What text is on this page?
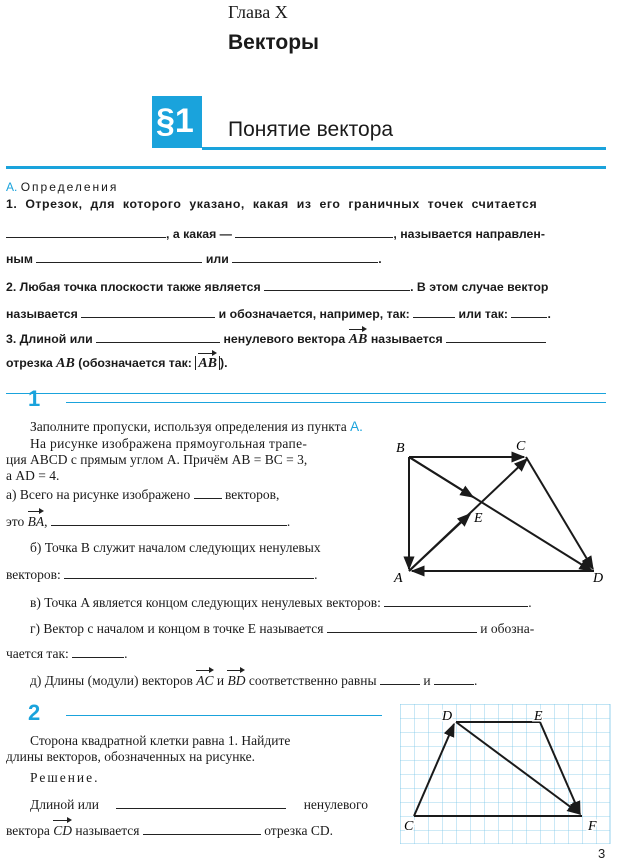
Глава X
Векторы
§1 Понятие вектора
А. Определения
1. Отрезок, для которого указано, какая из его граничных точек считается
, а какая —	, называется направлен-
ным	или	.
2. Любая точка плоскости также является	. В этом случае вектор
называется	и обозначается, например, так:	или так:	.
3. Длиной или	ненулевого вектора AB называется
отрезка AB (обозначается так: AB ).
1
Заполните пропуски, используя определения из пункта А.
На рисунке изображена прямоугольная трапе-
ция ABCD с прямым углом A. Причём AB = BC = 3,
а AD = 4.
а) Всего на рисунке изображено	векторов,
это BA,	.
б) Точка B служит началом следующих ненулевых
векторов:	.
в) Точка A является концом следующих ненулевых векторов:	.
г) Вектор с началом и концом в точке E называется	и обозна-
чается так:	.
д) Длины (модули) векторов AC и BD соответственно равны	и	.
B	C
E
A	D
2
Сторона квадратной клетки равна 1. Найдите
длины векторов, обозначенных на рисунке.
Решение.
Длиной или	ненулевого
вектора CD называется	отрезка CD.
D	E
C	F
3
